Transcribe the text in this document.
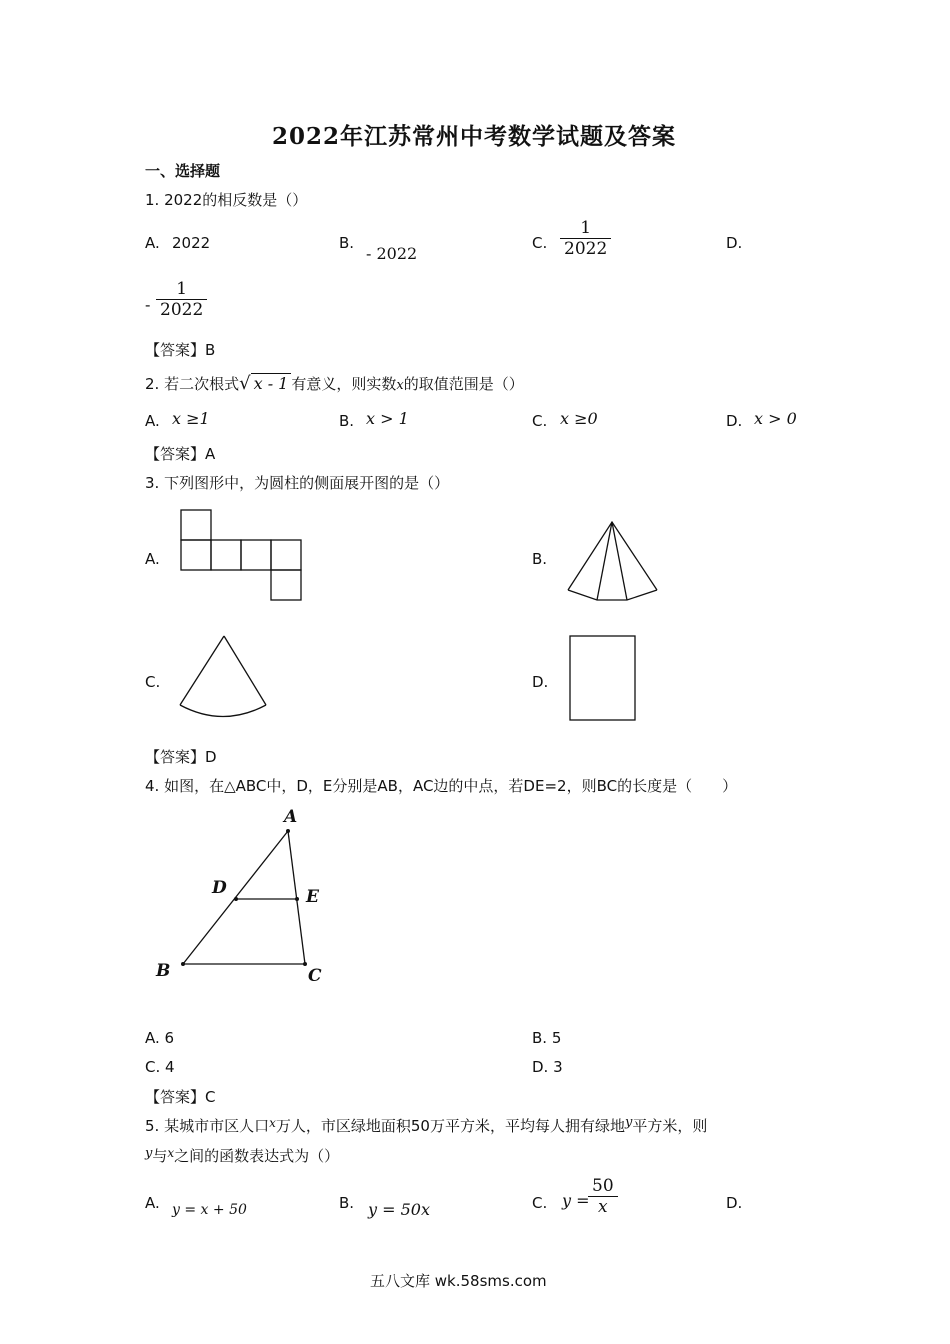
2022年江苏常州中考数学试题及答案
一、选择题
1. 2022的相反数是（）
A. 2022	B.
- 2022
C.
1
2022	D.
-
1
2022
【答案】B
2. 若二次根式√ x - 1 有意义，则实数x的取值范围是（）
A. x ≥1	B. x > 1	C. x ≥0	D. x > 0
【答案】A
3. 下列图形中，为圆柱的侧面展开图的是（）
A.	B.
C.	D.
【答案】D
4. 如图，在△ABC中，D，E分别是AB，AC边的中点，若DE=2，则BC的长度是（　　）
A
D	E
B	C
A. 6	B. 5
C. 4	D. 3
【答案】C
5. 某城市市区人口$^x$万人，市区绿地面积50万平方米，平均每人拥有绿地y平方米，则
y与$^x$之间的函数表达式为（）
A. y = x + 50	B. y = 50x	C. y =
50
x	D.
五八文库 wk.58sms.com
